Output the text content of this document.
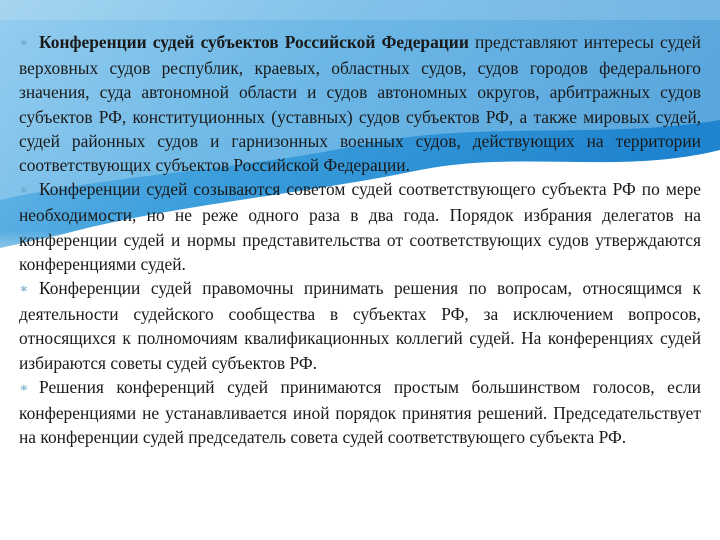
∗ Конференции судей субъектов Российской Федерации представляют интересы судей верховных судов республик, краевых, областных судов, судов городов федерального значения, суда автономной области и судов автономных округов, арбитражных судов субъектов РФ, конституционных (уставных) судов субъектов РФ, а также мировых судей, судей районных судов и гарнизонных военных судов, действующих на территории соответствующих субъектов Российской Федерации.

∗ Конференции судей созываются советом судей соответствующего субъекта РФ по мере необходимости, но не реже одного раза в два года. Порядок избрания делегатов на конференции судей и нормы представительства от соответствующих судов утверждаются конференциями судей.

∗ Конференции судей правомочны принимать решения по вопросам, относящимся к деятельности судейского сообщества в субъектах РФ, за исключением вопросов, относящихся к полномочиям квалификационных коллегий судей. На конференциях судей избираются советы судей субъектов РФ.

∗ Решения конференций судей принимаются простым большинством голосов, если конференциями не устанавливается иной порядок принятия решений. Председательствует на конференции судей председатель совета судей соответствующего субъекта РФ.
